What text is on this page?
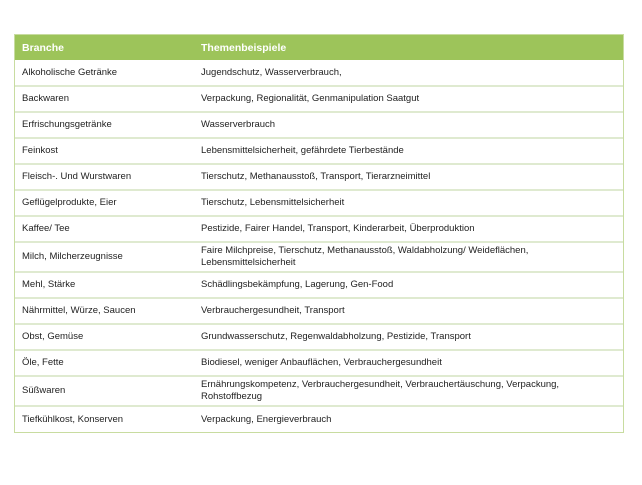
Branche	Themenbeispiele
Alkoholische Getränke	Jugendschutz, Wasserverbrauch,
Backwaren	Verpackung, Regionalität, Genmanipulation Saatgut
Erfrischungsgetränke	Wasserverbrauch
Feinkost	Lebensmittelsicherheit, gefährdete Tierbestände
Fleisch-. Und Wurstwaren	Tierschutz, Methanausstoß, Transport, Tierarzneimittel
Geflügelprodukte, Eier	Tierschutz, Lebensmittelsicherheit
Kaffee/ Tee	Pestizide, Fairer Handel, Transport, Kinderarbeit, Überproduktion
Milch, Milcherzeugnisse	Faire Milchpreise, Tierschutz, Methanausstoß, Waldabholzung/ Weideflächen, Lebensmittelsicherheit
Mehl, Stärke	Schädlingsbekämpfung, Lagerung, Gen-Food
Nährmittel, Würze, Saucen	Verbrauchergesundheit, Transport
Obst, Gemüse	Grundwasserschutz, Regenwaldabholzung, Pestizide, Transport
Öle, Fette	Biodiesel, weniger Anbauflächen, Verbrauchergesundheit
Süßwaren	Ernährungskompetenz, Verbrauchergesundheit, Verbrauchertäuschung, Verpackung, Rohstoffbezug
Tiefkühlkost, Konserven	Verpackung, Energieverbrauch
